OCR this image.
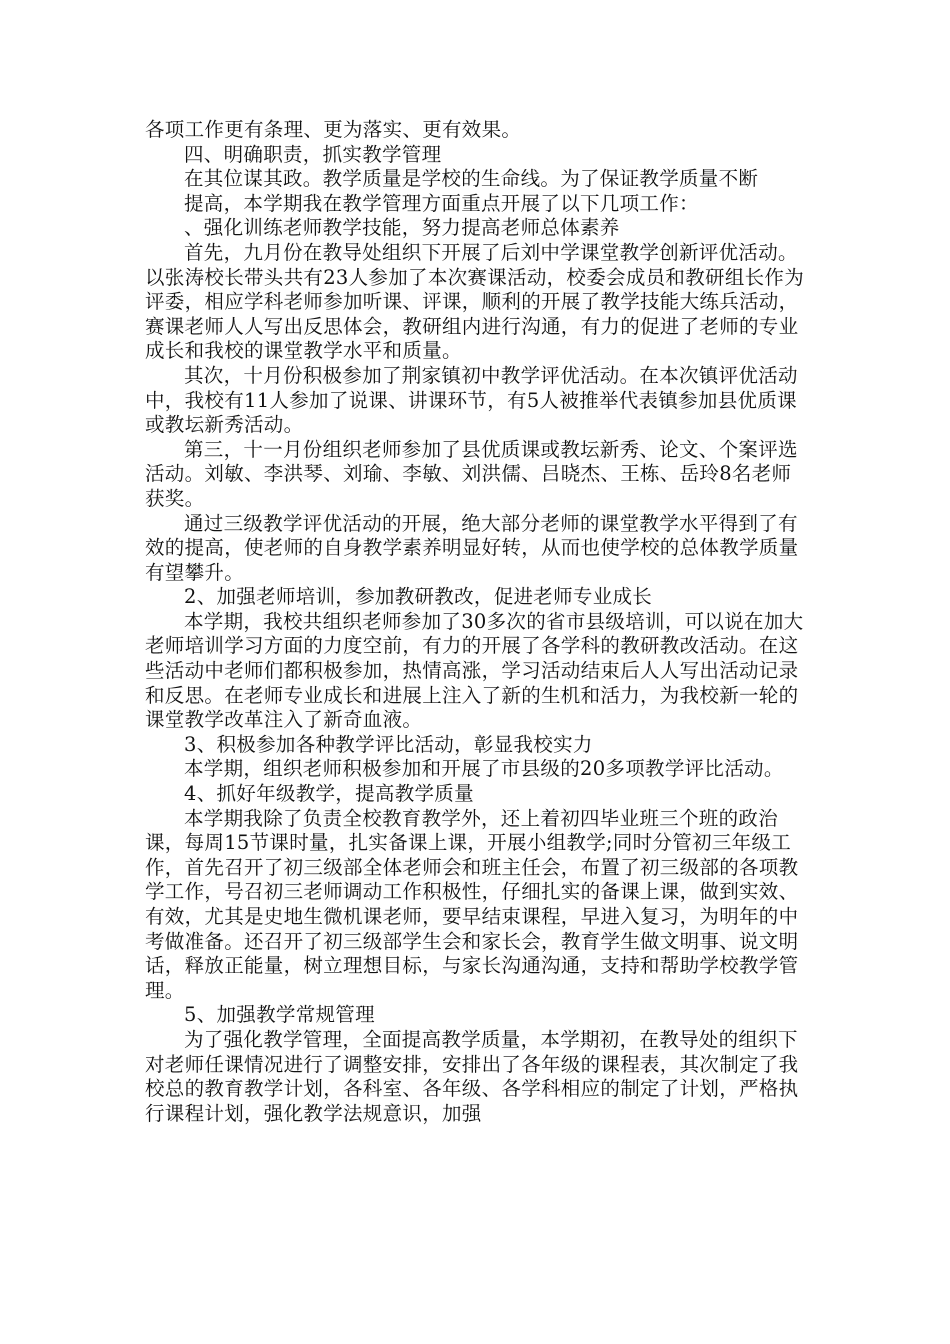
各项工作更有条理、更为落实、更有效果。

四、明确职责，抓实教学管理

在其位谋其政。教学质量是学校的生命线。为了保证教学质量不断

提高，本学期我在教学管理方面重点开展了以下几项工作：

、强化训练老师教学技能，努力提高老师总体素养

首先，九月份在教导处组织下开展了后刘中学课堂教学创新评优活动。以张涛校长带头共有23人参加了本次赛课活动，校委会成员和教研组长作为评委，相应学科老师参加听课、评课，顺利的开展了教学技能大练兵活动，赛课老师人人写出反思体会，教研组内进行沟通，有力的促进了老师的专业成长和我校的课堂教学水平和质量。

其次，十月份积极参加了荆家镇初中教学评优活动。在本次镇评优活动中，我校有11人参加了说课、讲课环节，有5人被推举代表镇参加县优质课或教坛新秀活动。

第三，十一月份组织老师参加了县优质课或教坛新秀、论文、个案评选活动。刘敏、李洪琴、刘瑜、李敏、刘洪儒、吕晓杰、王栋、岳玲8名老师获奖。

通过三级教学评优活动的开展，绝大部分老师的课堂教学水平得到了有效的提高，使老师的自身教学素养明显好转，从而也使学校的总体教学质量有望攀升。

2、加强老师培训，参加教研教改，促进老师专业成长

本学期，我校共组织老师参加了30多次的省市县级培训，可以说在加大老师培训学习方面的力度空前，有力的开展了各学科的教研教改活动。在这些活动中老师们都积极参加，热情高涨，学习活动结束后人人写出活动记录和反思。在老师专业成长和进展上注入了新的生机和活力，为我校新一轮的课堂教学改革注入了新奇血液。

3、积极参加各种教学评比活动，彰显我校实力

本学期，组织老师积极参加和开展了市县级的20多项教学评比活动。

4、抓好年级教学，提高教学质量

本学期我除了负责全校教育教学外，还上着初四毕业班三个班的政治课，每周15节课时量，扎实备课上课，开展小组教学;同时分管初三年级工作，首先召开了初三级部全体老师会和班主任会，布置了初三级部的各项教学工作，号召初三老师调动工作积极性，仔细扎实的备课上课，做到实效、有效，尤其是史地生微机课老师，要早结束课程，早进入复习，为明年的中考做准备。还召开了初三级部学生会和家长会，教育学生做文明事、说文明话，释放正能量，树立理想目标，与家长沟通沟通，支持和帮助学校教学管理。

5、加强教学常规管理

为了强化教学管理，全面提高教学质量，本学期初，在教导处的组织下对老师任课情况进行了调整安排，安排出了各年级的课程表，其次制定了我校总的教育教学计划，各科室、各年级、各学科相应的制定了计划，严格执行课程计划，强化教学法规意识，加强
